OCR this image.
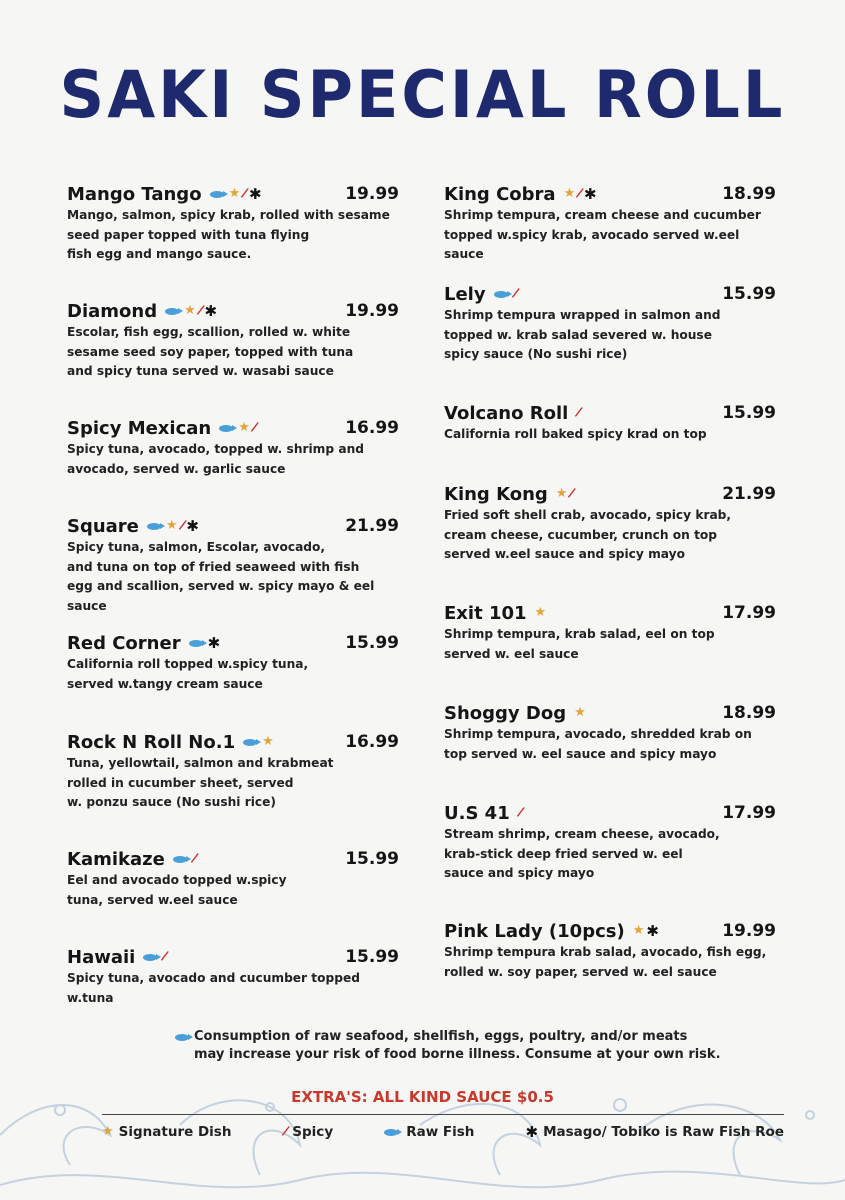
SAKI SPECIAL ROLL
Mango Tango ★ / ✱	19.99
Mango, salmon, spicy krab, rolled with sesame
seed paper topped with tuna flying
fish egg and mango sauce.
Diamond ★ / ✱	19.99
Escolar, fish egg, scallion, rolled w. white
sesame seed soy paper, topped with tuna
and spicy tuna served w. wasabi sauce
Spicy Mexican ★ /	16.99
Spicy tuna, avocado, topped w. shrimp and
avocado, served w. garlic sauce
Square ★ / ✱	21.99
Spicy tuna, salmon, Escolar, avocado,
and tuna on top of fried seaweed with fish
egg and scallion, served w. spicy mayo & eel sauce
Red Corner ✱	15.99
California roll topped w.spicy tuna,
served w.tangy cream sauce
Rock N Roll No.1 ★	16.99
Tuna, yellowtail, salmon and krabmeat
rolled in cucumber sheet, served
w. ponzu sauce (No sushi rice)
Kamikaze /	15.99
Eel and avocado topped w.spicy
tuna, served w.eel sauce
Hawaii /	15.99
Spicy tuna, avocado and cucumber topped w.tuna
King Cobra ★ / ✱	18.99
Shrimp tempura, cream cheese and cucumber
topped w.spicy krab, avocado served w.eel sauce
Lely /	15.99
Shrimp tempura wrapped in salmon and
topped w. krab salad severed w. house
spicy sauce (No sushi rice)
Volcano Roll /	15.99
California roll baked spicy krad on top
King Kong ★ /	21.99
Fried soft shell crab, avocado, spicy krab,
cream cheese, cucumber, crunch on top
served w.eel sauce and spicy mayo
Exit 101 ★	17.99
Shrimp tempura, krab salad, eel on top
served w. eel sauce
Shoggy Dog ★	18.99
Shrimp tempura, avocado, shredded krab on
top served w. eel sauce and spicy mayo
U.S 41 /	17.99
Stream shrimp, cream cheese, avocado,
krab-stick deep fried served w. eel
sauce and spicy mayo
Pink Lady (10pcs) ★ ✱	19.99
Shrimp tempura krab salad, avocado, fish egg,
rolled w. soy paper, served w. eel sauce
Consumption of raw seafood, shellfish, eggs, poultry, and/or meats
may increase your risk of food borne illness. Consume at your own risk.
EXTRA'S: ALL KIND SAUCE $0.5
★ Signature Dish	/ Spicy	Raw Fish	✱ Masago/ Tobiko is Raw Fish Roe
